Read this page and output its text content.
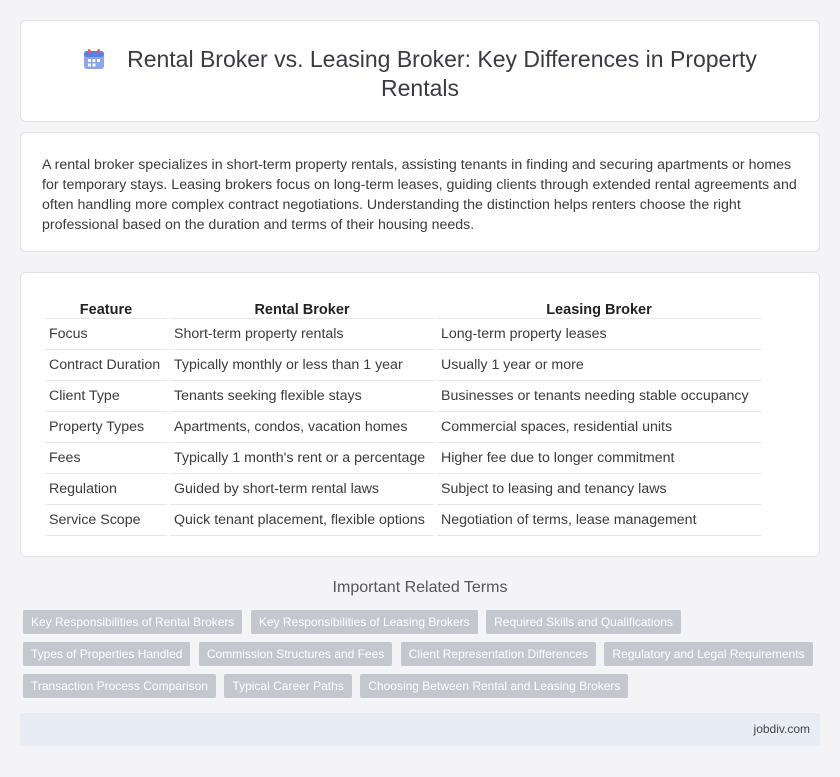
Rental Broker vs. Leasing Broker: Key Differences in Property Rentals

A rental broker specializes in short-term property rentals, assisting tenants in finding and securing apartments or homes for temporary stays. Leasing brokers focus on long-term leases, guiding clients through extended rental agreements and often handling more complex contract negotiations. Understanding the distinction helps renters choose the right professional based on the duration and terms of their housing needs.

Feature	Rental Broker	Leasing Broker
Focus	Short-term property rentals	Long-term property leases
Contract Duration	Typically monthly or less than 1 year	Usually 1 year or more
Client Type	Tenants seeking flexible stays	Businesses or tenants needing stable occupancy
Property Types	Apartments, condos, vacation homes	Commercial spaces, residential units
Fees	Typically 1 month's rent or a percentage	Higher fee due to longer commitment
Regulation	Guided by short-term rental laws	Subject to leasing and tenancy laws
Service Scope	Quick tenant placement, flexible options	Negotiation of terms, lease management
Important Related Terms
Key Responsibilities of Rental Brokers Key Responsibilities of Leasing Brokers Required Skills and Qualifications
Types of Properties Handled Commission Structures and Fees Client Representation Differences Regulatory and Legal Requirements
Transaction Process Comparison Typical Career Paths Choosing Between Rental and Leasing Brokers
jobdiv.com
